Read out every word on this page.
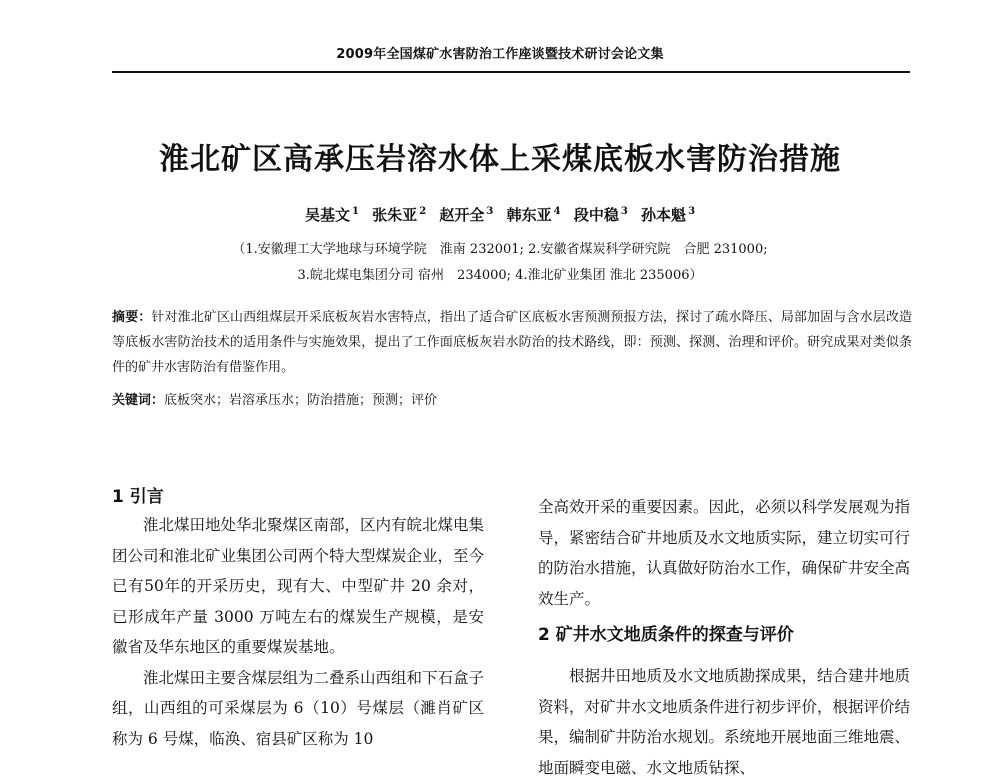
2009年全国煤矿水害防治工作座谈暨技术研讨会论文集
淮北矿区高承压岩溶水体上采煤底板水害防治措施
吴基文 $^1$ 张朱亚 $^2$ 赵开全 $^3$ 韩东亚 $^4$ 段中稳 $^3$ 孙本魁 $^3$
（1.安徽理工大学地球与环境学院　淮南 232001; 2.安徽省煤炭科学研究院　合肥 231000;
3.皖北煤电集团分司 宿州　234000; 4.淮北矿业集团 淮北 235006）
摘要：针对淮北矿区山西组煤层开采底板灰岩水害特点，指出了适合矿区底板水害预测预报方法，探讨了疏水降压、局部加固与含水层改造等底板水害防治技术的适用条件与实施效果，提出了工作面底板灰岩水防治的技术路线，即：预测、探测、治理和评价。研究成果对类似条件的矿井水害防治有借鉴作用。
关键词：底板突水；岩溶承压水；防治措施；预测；评价
1 引言

淮北煤田地处华北聚煤区南部，区内有皖北煤电集团公司和淮北矿业集团公司两个特大型煤炭企业，至今已有50年的开采历史，现有大、中型矿井 20 余对，已形成年产量 3000 万吨左右的煤炭生产规模，是安徽省及华东地区的重要煤炭基地。

淮北煤田主要含煤层组为二叠系山西组和下石盒子组，山西组的可采煤层为 6（10）号煤层（濉肖矿区称为 6 号煤，临涣、宿县矿区称为 10

全高效开采的重要因素。因此，必须以科学发展观为指导，紧密结合矿井地质及水文地质实际，建立切实可行的防治水措施，认真做好防治水工作，确保矿井安全高效生产。

2 矿井水文地质条件的探查与评价

根据井田地质及水文地质勘探成果，结合建井地质资料，对矿井水文地质条件进行初步评价，根据评价结果，编制矿井防治水规划。系统地开展地面三维地震、地面瞬变电磁、水文地质钻探、
